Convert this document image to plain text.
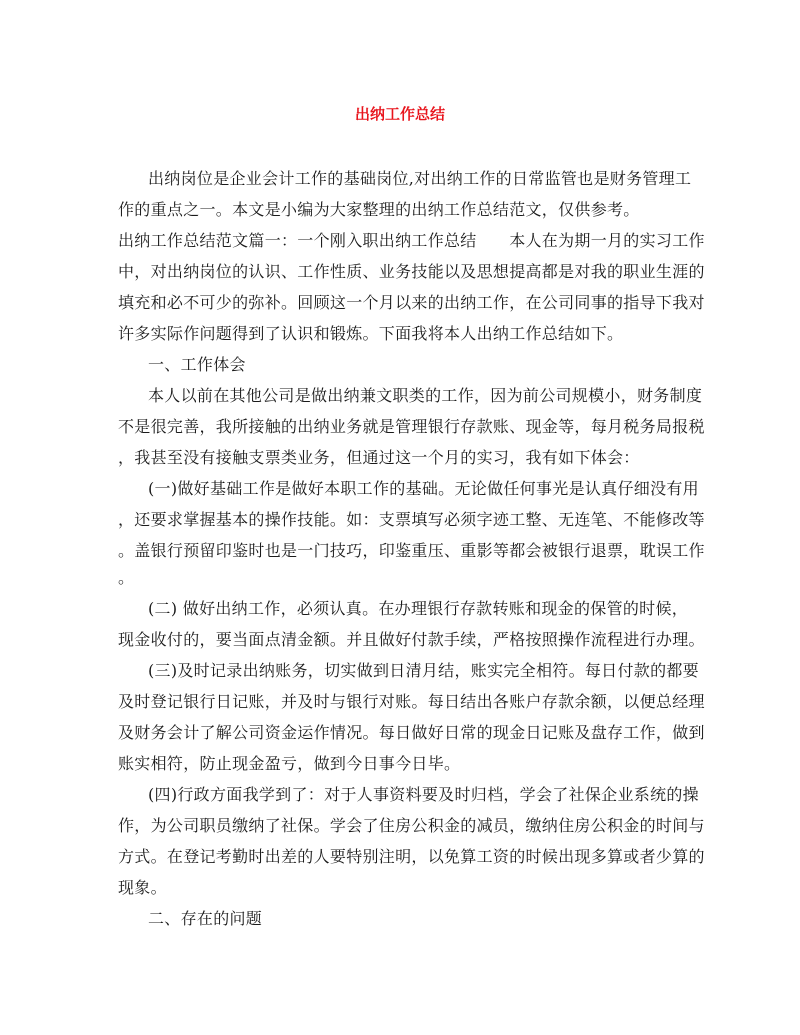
出纳工作总结
出纳岗位是企业会计工作的基础岗位,对出纳工作的日常监管也是财务管理工
作的重点之一。本文是小编为大家整理的出纳工作总结范文，仅供参考。
出纳工作总结范文篇一：一个刚入职出纳工作总结　　本人在为期一月的实习工作
中，对出纳岗位的认识、工作性质、业务技能以及思想提高都是对我的职业生涯的
填充和必不可少的弥补。回顾这一个月以来的出纳工作，在公司同事的指导下我对
许多实际作问题得到了认识和锻炼。下面我将本人出纳工作总结如下。
一、工作体会
本人以前在其他公司是做出纳兼文职类的工作，因为前公司规模小，财务制度
不是很完善，我所接触的出纳业务就是管理银行存款账、现金等，每月税务局报税
，我甚至没有接触支票类业务，但通过这一个月的实习，我有如下体会：
(一)做好基础工作是做好本职工作的基础。无论做任何事光是认真仔细没有用
，还要求掌握基本的操作技能。如：支票填写必须字迹工整、无连笔、不能修改等
。盖银行预留印鉴时也是一门技巧，印鉴重压、重影等都会被银行退票，耽误工作
。
(二) 做好出纳工作，必须认真。在办理银行存款转账和现金的保管的时候，
现金收付的，要当面点清金额。并且做好付款手续，严格按照操作流程进行办理。
(三)及时记录出纳账务，切实做到日清月结，账实完全相符。每日付款的都要
及时登记银行日记账，并及时与银行对账。每日结出各账户存款余额，以便总经理
及财务会计了解公司资金运作情况。每日做好日常的现金日记账及盘存工作，做到
账实相符，防止现金盈亏，做到今日事今日毕。
(四)行政方面我学到了：对于人事资料要及时归档，学会了社保企业系统的操
作，为公司职员缴纳了社保。学会了住房公积金的减员，缴纳住房公积金的时间与
方式。在登记考勤时出差的人要特别注明，以免算工资的时候出现多算或者少算的
现象。
二、存在的问题
